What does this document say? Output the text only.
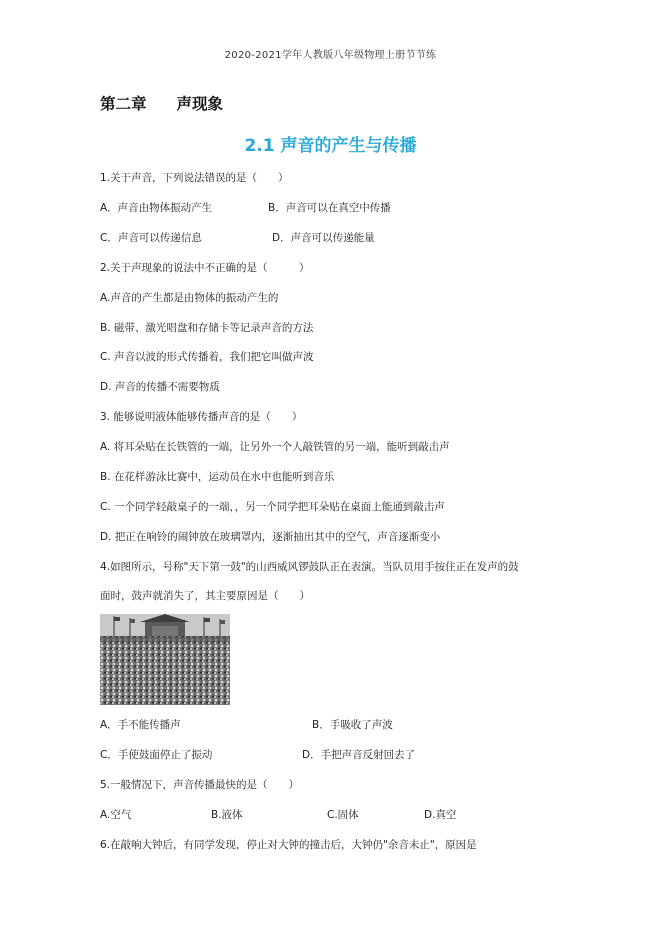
2020-2021学年人教版八年级物理上册节节练
第二章 声现象
2.1 声音的产生与传播
1.关于声音，下列说法错误的是（　　）
A．声音由物体振动产生	B．声音可以在真空中传播
C．声音可以传递信息	D．声音可以传递能量
2.关于声现象的说法中不正确的是（　　　）
A.声音的产生都是由物体的振动产生的
B. 磁带、激光唱盘和存储卡等记录声音的方法
C. 声音以波的形式传播着，我们把它叫做声波
D. 声音的传播不需要物质
3. 能够说明液体能够传播声音的是（　　）
A. 将耳朵贴在长铁管的一端，让另外一个人敲铁管的另一端，能听到敲击声
B. 在花样游泳比赛中，运动员在水中也能听到音乐
C. 一个同学轻敲桌子的一端，，另一个同学把耳朵贴在桌面上能通到敲击声
D. 把正在响铃的闹钟放在玻璃罩内，逐渐抽出其中的空气，声音逐渐变小
4.如图所示，号称"天下第一鼓"的山西威风锣鼓队正在表演。当队员用手按住正在发声的鼓
面时，鼓声就消失了，其主要原因是（　　）
A．手不能传播声	B．手吸收了声波
C．手使鼓面停止了振动	D．手把声音反射回去了
5.一般情况下，声音传播最快的是（　　）
A.空气	B.液体	C.固体	D.真空
6.在敲响大钟后，有同学发现，停止对大钟的撞击后，大钟仍"余音未止"，原因是
